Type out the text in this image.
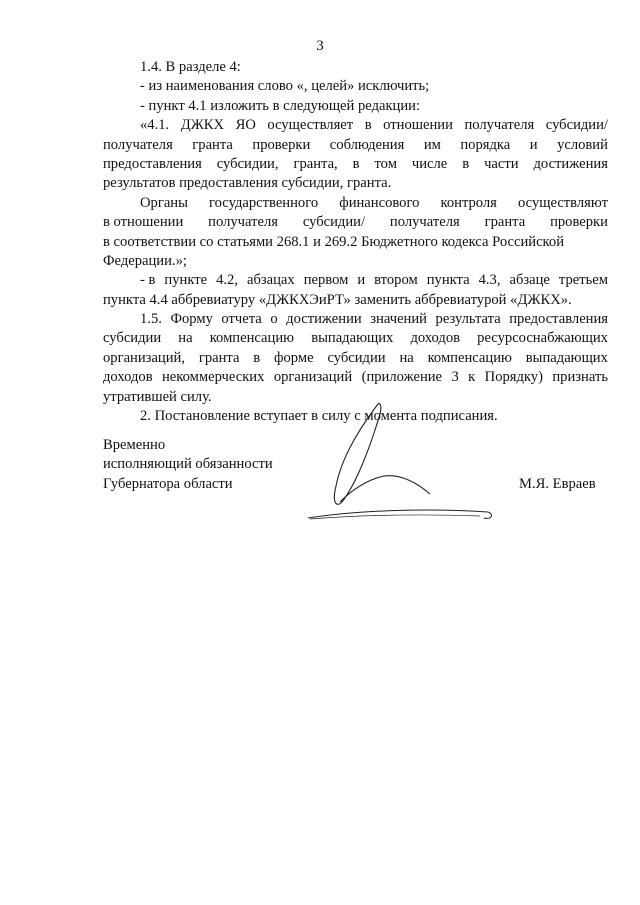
3
1.4. В разделе 4:
- из наименования слово «, целей» исключить;
- пункт 4.1 изложить в следующей редакции:
«4.1. ДЖКХ ЯО осуществляет в отношении получателя субсидии/
получателя гранта проверки соблюдения им порядка и условий
предоставления субсидии, гранта, в том числе в части достижения
результатов предоставления субсидии, гранта.
Органы государственного финансового контроля осуществляют
в отношении получателя субсидии/ получателя гранта проверки
в соответствии со статьями 268.1 и 269.2 Бюджетного кодекса Российской
Федерации.»;
- в пункте 4.2, абзацах первом и втором пункта 4.3, абзаце третьем
пункта 4.4 аббревиатуру «ДЖКХЭиРТ» заменить аббревиатурой «ДЖКХ».
1.5. Форму отчета о достижении значений результата предоставления
субсидии на компенсацию выпадающих доходов ресурсоснабжающих
организаций, гранта в форме субсидии на компенсацию выпадающих
доходов некоммерческих организаций (приложение 3 к Порядку) признать
утратившей силу.
2. Постановление вступает в силу с момента подписания.
Временно
исполняющий обязанности
Губернатора области	М.Я. Евраев
